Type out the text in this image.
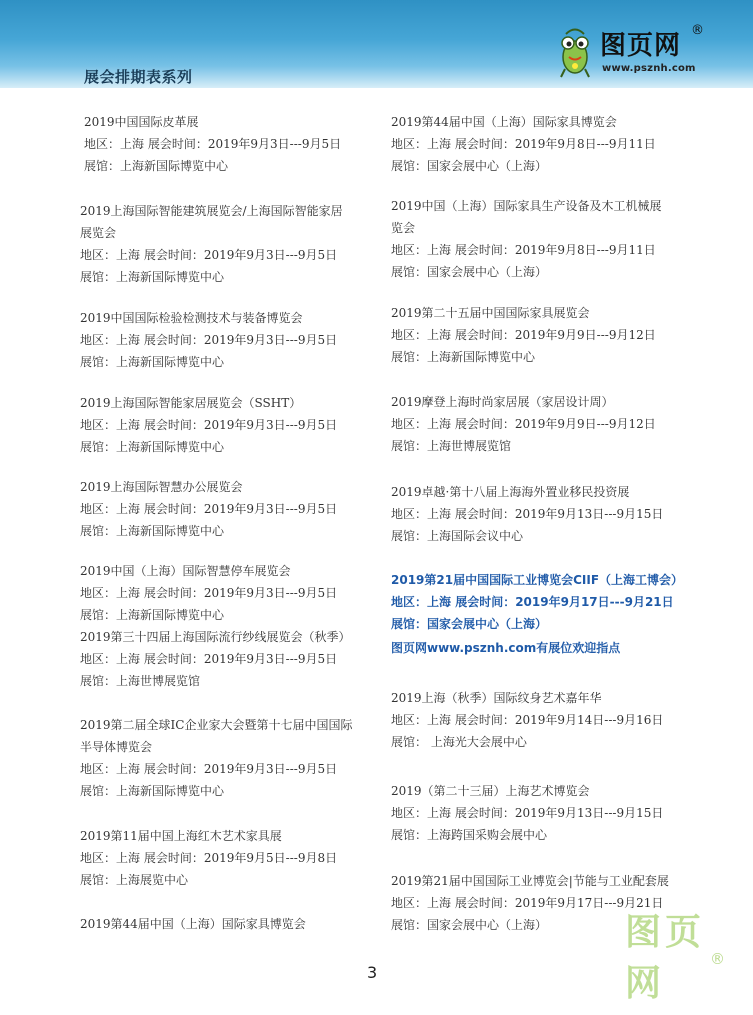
展会排期表系列
图页网
®
www.psznh.com
2019中国国际皮革展
地区：上海 展会时间：2019年9月3日---9月5日
展馆：上海新国际博览中心
2019上海国际智能建筑展览会/上海国际智能家居展览会
地区：上海 展会时间：2019年9月3日---9月5日
展馆：上海新国际博览中心
2019中国国际检验检测技术与装备博览会
地区：上海 展会时间：2019年9月3日---9月5日
展馆：上海新国际博览中心
2019上海国际智能家居展览会（SSHT）
地区：上海 展会时间：2019年9月3日---9月5日
展馆：上海新国际博览中心
2019上海国际智慧办公展览会
地区：上海 展会时间：2019年9月3日---9月5日
展馆：上海新国际博览中心
2019中国（上海）国际智慧停车展览会
地区：上海 展会时间：2019年9月3日---9月5日
展馆：上海新国际博览中心
2019第三十四届上海国际流行纱线展览会（秋季）
地区：上海 展会时间：2019年9月3日---9月5日
展馆：上海世博展览馆
2019第二届全球IC企业家大会暨第十七届中国国际半导体博览会
地区：上海 展会时间：2019年9月3日---9月5日
展馆：上海新国际博览中心
2019第11届中国上海红木艺术家具展
地区：上海 展会时间：2019年9月5日---9月8日
展馆：上海展览中心
2019第44届中国（上海）国际家具博览会
2019第44届中国（上海）国际家具博览会
地区：上海 展会时间：2019年9月8日---9月11日
展馆：国家会展中心（上海）
2019中国（上海）国际家具生产设备及木工机械展览会
地区：上海 展会时间：2019年9月8日---9月11日
展馆：国家会展中心（上海）
2019第二十五届中国国际家具展览会
地区：上海 展会时间：2019年9月9日---9月12日
展馆：上海新国际博览中心
2019摩登上海时尚家居展（家居设计周）
地区：上海 展会时间：2019年9月9日---9月12日
展馆：上海世博展览馆
2019卓越·第十八届上海海外置业移民投资展
地区：上海 展会时间：2019年9月13日---9月15日
展馆：上海国际会议中心
2019第21届中国国际工业博览会CIIF（上海工博会）
地区：上海 展会时间：2019年9月17日---9月21日
展馆：国家会展中心（上海）
图页网www.psznh.com有展位欢迎指点
2019上海（秋季）国际纹身艺术嘉年华
地区：上海 展会时间：2019年9月14日---9月16日
展馆： 上海光大会展中心
2019（第二十三届）上海艺术博览会
地区：上海 展会时间：2019年9月13日---9月15日
展馆：上海跨国采购会展中心
2019第21届中国国际工业博览会|节能与工业配套展
地区：上海 展会时间：2019年9月17日---9月21日
展馆：国家会展中心（上海）
3
图页网
®
